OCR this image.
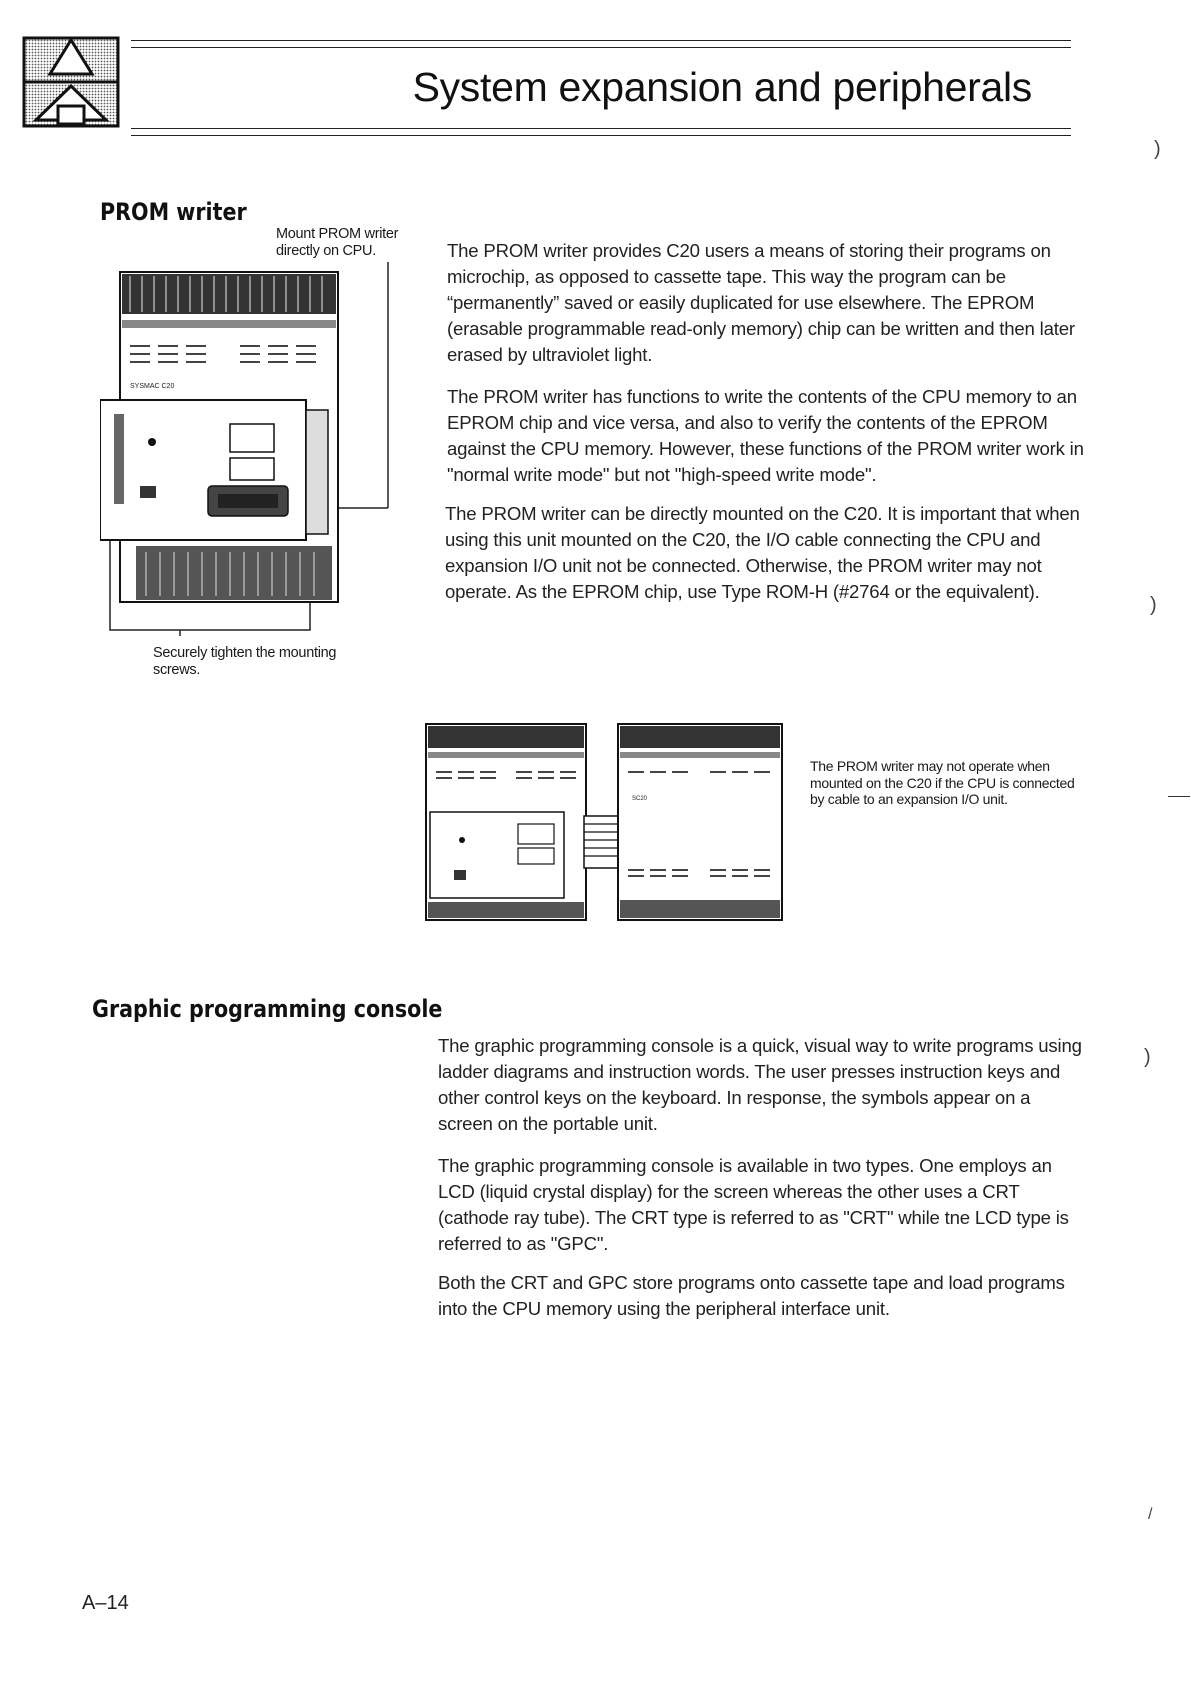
System expansion and peripherals
PROM writer
Mount PROM writer directly on CPU.
SYSMAC C20
Securely tighten the mounting screws.

The PROM writer provides C20 users a means of storing their programs on microchip, as opposed to cassette tape. This way the program can be “permanently” saved or easily duplicated for use elsewhere. The EPROM (erasable programmable read-only memory) chip can be written and then later erased by ultraviolet light.

The PROM writer has functions to write the contents of the CPU memory to an EPROM chip and vice versa, and also to verify the contents of the EPROM against the CPU memory. However, these functions of the PROM writer work in "normal write mode" but not "high-speed write mode".

The PROM writer can be directly mounted on the C20. It is important that when using this unit mounted on the C20, the I/O cable connecting the CPU and expansion I/O unit not be connected. Otherwise, the PROM writer may not operate. As the EPROM chip, use Type ROM-H (#2764 or the equivalent).

SC20
The PROM writer may not operate when mounted on the C20 if the CPU is connected by cable to an expansion I/O unit.
Graphic programming console

The graphic programming console is a quick, visual way to write programs using ladder diagrams and instruction words. The user presses instruction keys and other control keys on the keyboard. In response, the symbols appear on a screen on the portable unit.

The graphic programming console is available in two types. One employs an LCD (liquid crystal display) for the screen whereas the other uses a CRT (cathode ray tube). The CRT type is referred to as "CRT" while tne LCD type is referred to as "GPC".

Both the CRT and GPC store programs onto cassette tape and load programs into the CPU memory using the peripheral interface unit.

)
)
)
/
A–14
